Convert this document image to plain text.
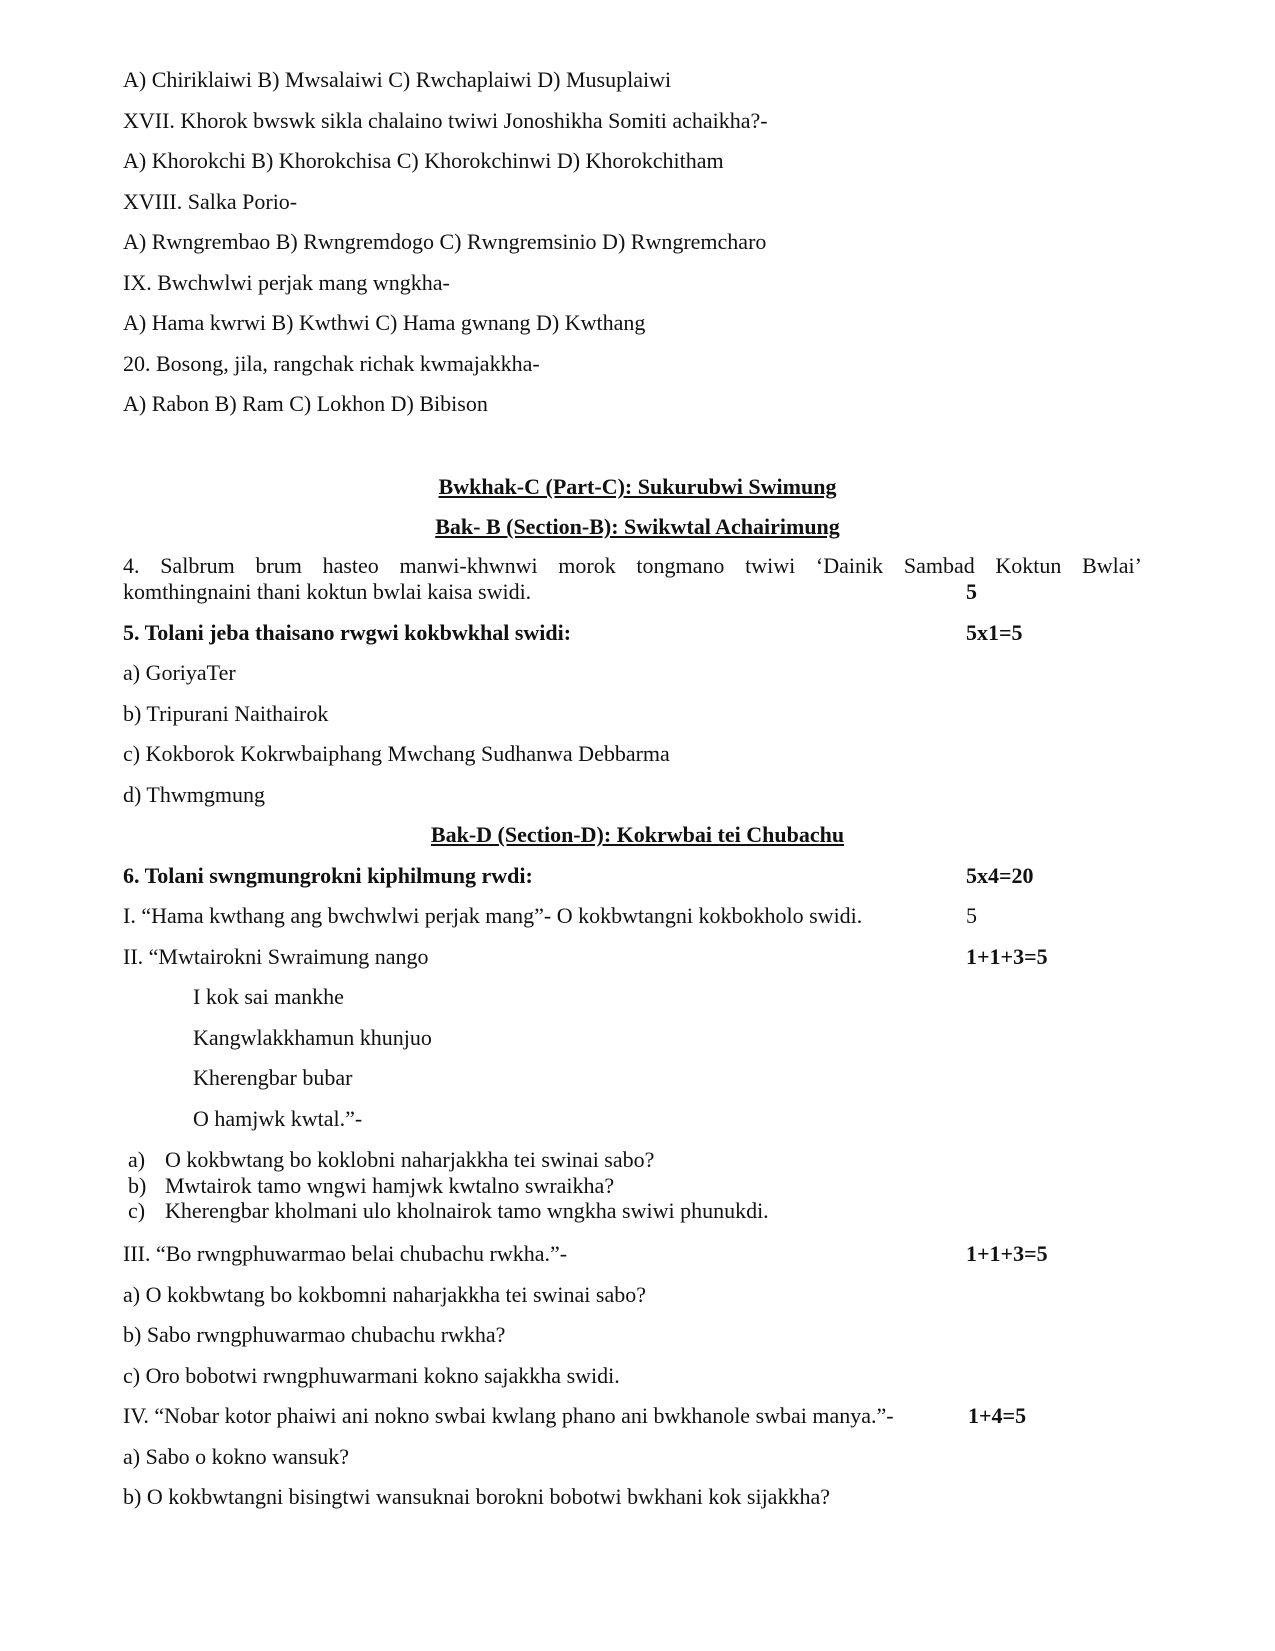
A) Chiriklaiwi B) Mwsalaiwi C) Rwchaplaiwi D) Musuplaiwi
XVII. Khorok bwswk sikla chalaino twiwi Jonoshikha Somiti achaikha?-
A) Khorokchi B) Khorokchisa C) Khorokchinwi D) Khorokchitham
XVIII. Salka Porio-
A) Rwngrembao B) Rwngremdogo C) Rwngremsinio D) Rwngremcharo
IX. Bwchwlwi perjak mang wngkha-
A) Hama kwrwi B) Kwthwi C) Hama gwnang D) Kwthang
20. Bosong, jila, rangchak richak kwmajakkha-
A) Rabon B) Ram C) Lokhon D) Bibison
Bwkhak-C (Part-C): Sukurubwi Swimung
Bak- B (Section-B): Swikwtal Achairimung
4. Salbrum brum hasteo manwi-khwnwi morok tongmano twiwi ‘Dainik Sambad Koktun Bwlai’
komthingnaini thani koktun bwlai kaisa swidi.	5
5. Tolani jeba thaisano rwgwi kokbwkhal swidi:	5x1=5
a) GoriyaTer
b) Tripurani Naithairok
c) Kokborok Kokrwbaiphang Mwchang Sudhanwa Debbarma
d) Thwmgmung
Bak-D (Section-D): Kokrwbai tei Chubachu
6. Tolani swngmungrokni kiphilmung rwdi:	5x4=20
I. “Hama kwthang ang bwchwlwi perjak mang”- O kokbwtangni kokbokholo swidi.	5
II. “Mwtairokni Swraimung nango	1+1+3=5
I kok sai mankhe
Kangwlakkhamun khunjuo
Kherengbar bubar
O hamjwk kwtal.”-
a) O kokbwtang bo koklobni naharjakkha tei swinai sabo?
b) Mwtairok tamo wngwi hamjwk kwtalno swraikha?
c) Kherengbar kholmani ulo kholnairok tamo wngkha swiwi phunukdi.
III. “Bo rwngphuwarmao belai chubachu rwkha.”-	1+1+3=5
a) O kokbwtang bo kokbomni naharjakkha tei swinai sabo?
b) Sabo rwngphuwarmao chubachu rwkha?
c) Oro bobotwi rwngphuwarmani kokno sajakkha swidi.
IV. “Nobar kotor phaiwi ani nokno swbai kwlang phano ani bwkhanole swbai manya.”-	1+4=5
a) Sabo o kokno wansuk?
b) O kokbwtangni bisingtwi wansuknai borokni bobotwi bwkhani kok sijakkha?
